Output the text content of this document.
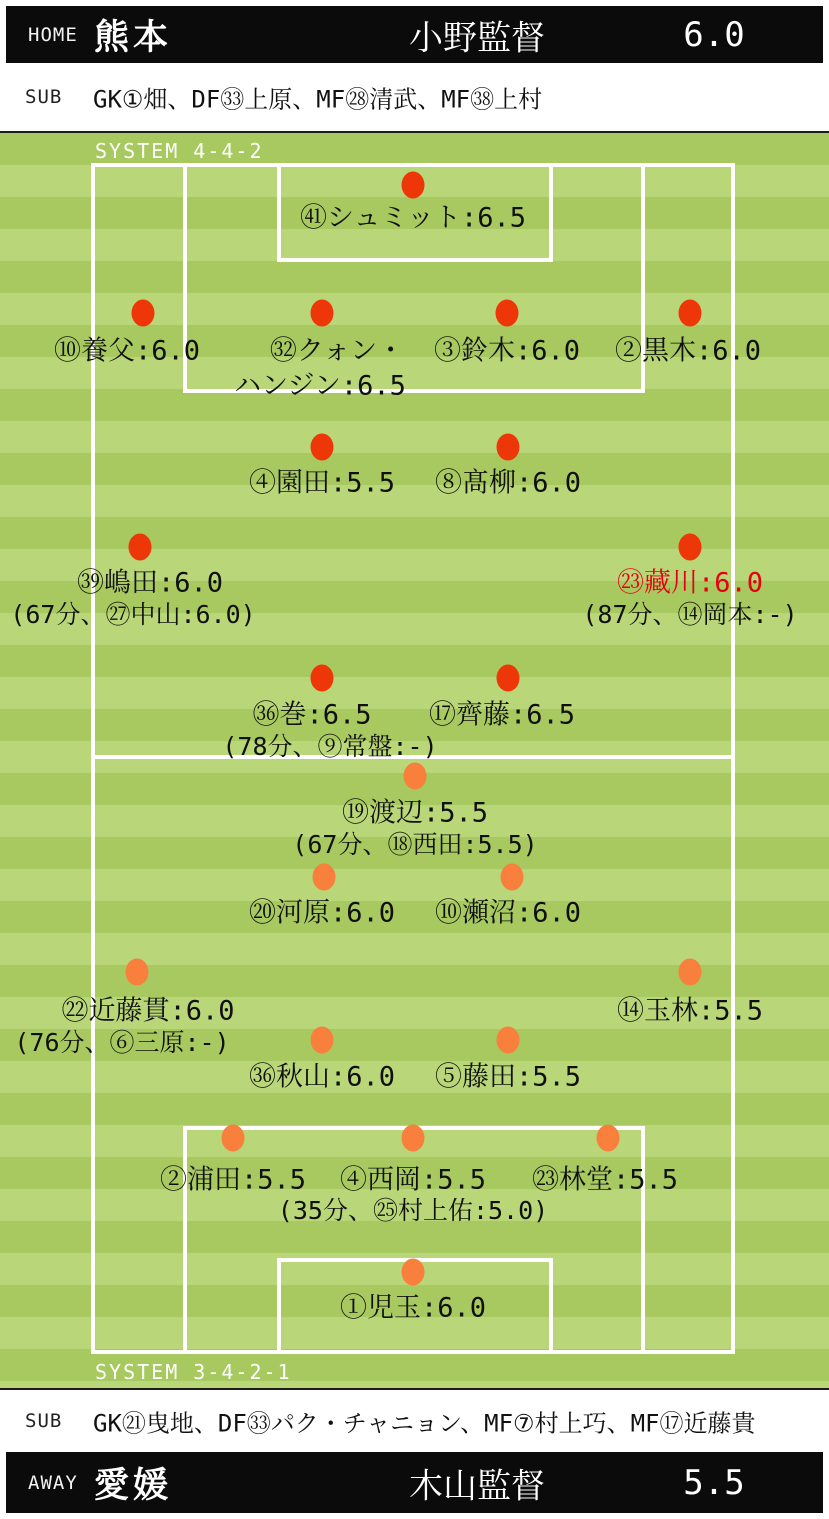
HOME 熊本	小野監督	6.0
SUB GK①畑、DF㉝上原、MF㉘清武、MF㊳上村
SYSTEM 4-4-2
SYSTEM 3-4-2-1
㊶シュミット:6.5
⑩養父:6.0	㉜クォン・
ハンジン:6.5
③鈴木:6.0 ②黒木:6.0
④園田:5.5 ⑧髙柳:6.0
㊴嶋田:6.0
(67分、㉗中山:6.0)
㉓藏川:6.0
(87分、⑭岡本:-)
㊱巻:6.5
(78分、⑨常盤:-)
⑰齊藤:6.5
⑲渡辺:5.5
(67分、⑱西田:5.5)
⑳河原:6.0 ⑩瀬沼:6.0
㉒近藤貫:6.0
(76分、⑥三原:-)
⑭玉林:5.5
㊱秋山:6.0 ⑤藤田:5.5
②浦田:5.5 ④西岡:5.5
(35分、㉕村上佑:5.0)
㉓林堂:5.5
①児玉:6.0
SUB GK㉑曳地、DF㉝パク・チャニョン、MF⑦村上巧、MF⑰近藤貴
AWAY 愛媛	木山監督	5.5
